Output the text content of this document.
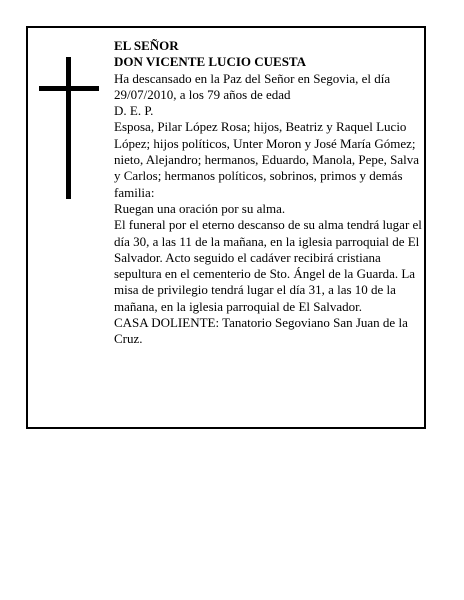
EL SEÑOR

DON VICENTE LUCIO CUESTA

Ha descansado en la Paz del Señor en Segovia, el día 29/07/2010, a los 79 años de edad

D. E. P.

Esposa, Pilar López Rosa; hijos, Beatriz y Raquel Lucio López; hijos políticos, Unter Moron y José María Gómez; nieto, Alejandro; hermanos, Eduardo, Manola, Pepe, Salva y Carlos; hermanos políticos, sobrinos, primos y demás familia:

Ruegan una oración por su alma.

El funeral por el eterno descanso de su alma tendrá lugar el día 30, a las 11 de la mañana, en la iglesia parroquial de El Salvador. Acto seguido el cadáver recibirá cristiana sepultura en el cementerio de Sto. Ángel de la Guarda. La misa de privilegio tendrá lugar el día 31, a las 10 de la mañana, en la iglesia parroquial de El Salvador.

CASA DOLIENTE: Tanatorio Segoviano San Juan de la Cruz.
